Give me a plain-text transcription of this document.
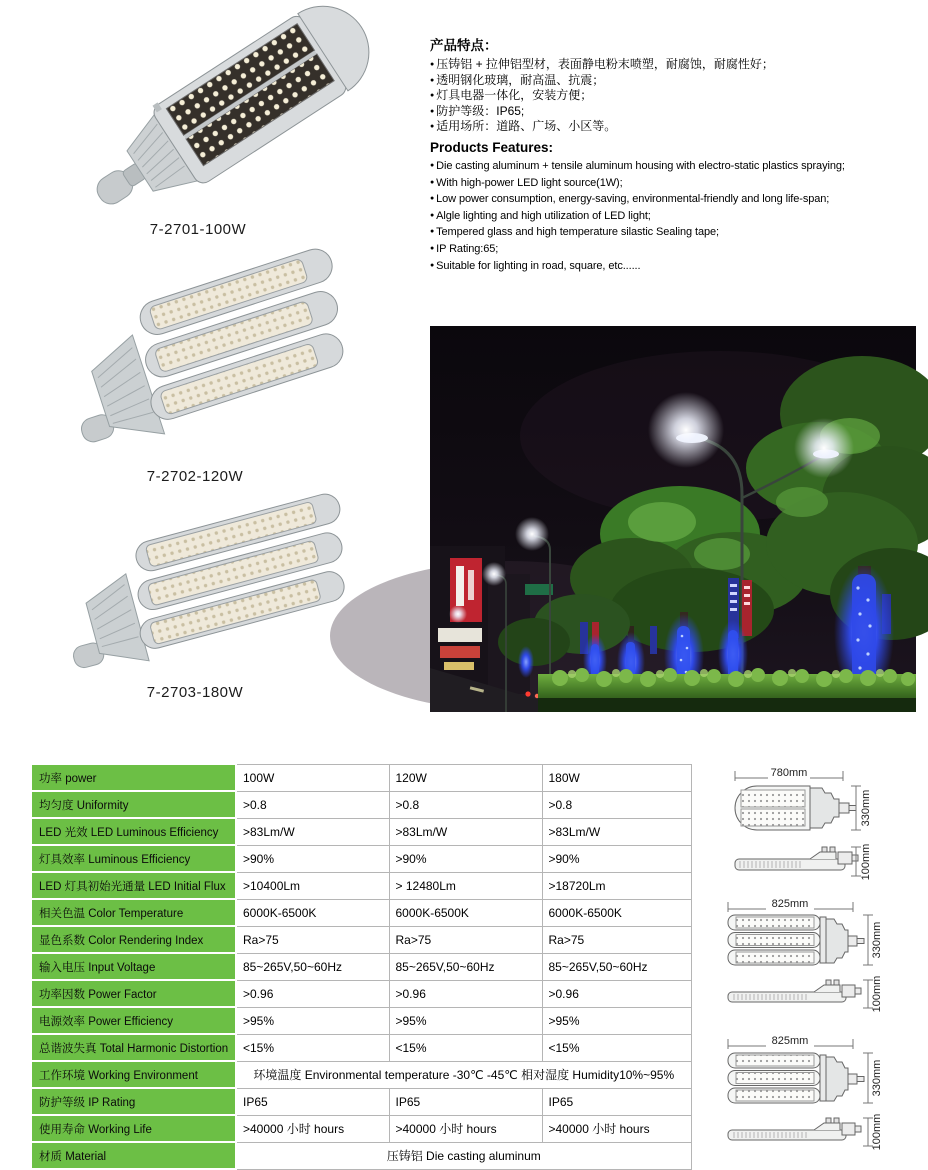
7-2701-100W
7-2702-120W
7-2703-180W
产品特点：
● 压铸铝 + 拉伸铝型材，表面静电粉末喷塑，耐腐蚀，耐腐性好；
● 透明钢化玻璃，耐高温、抗震；
● 灯具电器一体化，安装方便；
● 防护等级：IP65;
● 适用场所：道路、广场、小区等。
Products Features:
● Die casting aluminum + tensile aluminum housing with electro-static plastics spraying;
● With high-power LED light source(1W);
● Low power consumption, energy-saving, environmental-friendly and long life-span;
● Algle lighting and high utilization of LED light;
● Tempered glass and high temperature silastic Sealing tape;
● IP Rating:65;
● Suitable for lighting in road, square, etc......
功率 power	100W	120W	180W
均匀度 Uniformity	>0.8	>0.8	>0.8
LED 光效 LED Luminous Efficiency	>83Lm/W	>83Lm/W	>83Lm/W
灯具效率 Luminous Efficiency	>90%	>90%	>90%
LED 灯具初始光通量 LED Initial Flux	>10400Lm	> 12480Lm	>18720Lm
相关色温 Color Temperature	6000K-6500K	6000K-6500K	6000K-6500K
显色系数 Color Rendering Index	Ra>75	Ra>75	Ra>75
输入电压 Input Voltage	85~265V,50~60Hz	85~265V,50~60Hz	85~265V,50~60Hz
功率因数 Power Factor	>0.96	>0.96	>0.96
电源效率 Power Efficiency	>95%	>95%	>95%
总谐波失真 Total Harmonic Distortion	<15%	<15%	<15%
工作环境 Working Environment	环境温度 Environmental temperature -30℃ -45℃ 相对湿度 Humidity10%~95%		
防护等级 IP Rating	IP65	IP65	IP65
使用寿命 Working Life	>40000 小时 hours	>40000 小时 hours	>40000 小时 hours
材质 Material	压铸铝 Die casting aluminum		
780mm
330mm
100mm
825mm
330mm
100mm
825mm
330mm
100mm
